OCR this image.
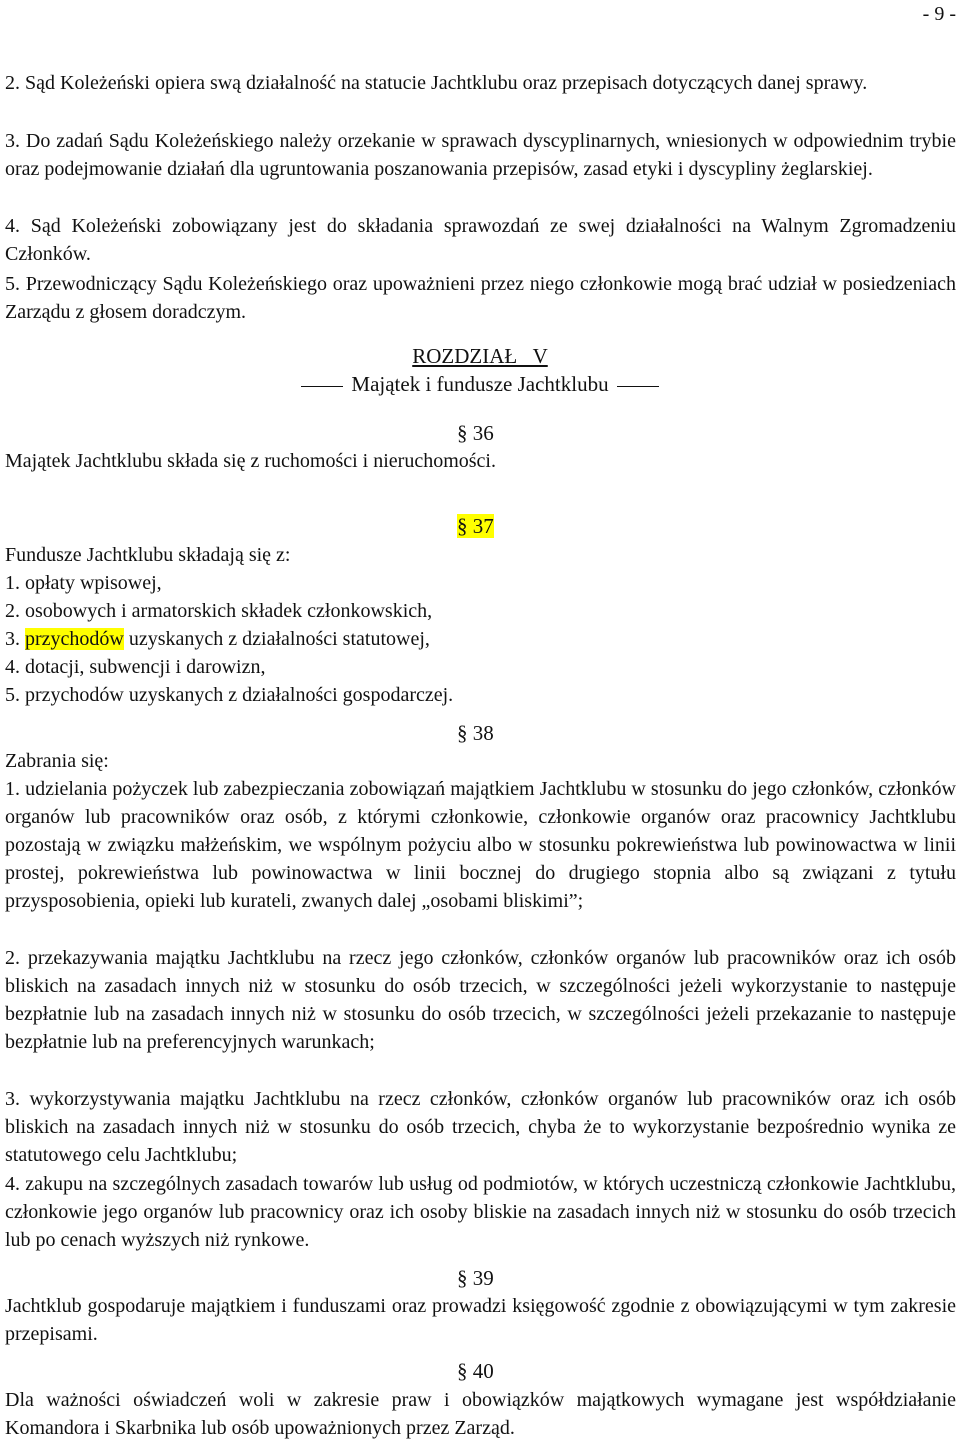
- 9 -

2. Sąd Koleżeński opiera swą działalność na statucie Jachtklubu oraz przepisach dotyczących danej sprawy.

3. Do zadań Sądu Koleżeńskiego należy orzekanie w sprawach dyscyplinarnych, wniesionych w odpowiednim trybie oraz podejmowanie działań dla ugruntowania poszanowania przepisów, zasad etyki i dyscypliny żeglarskiej.

4. Sąd Koleżeński zobowiązany jest do składania sprawozdań ze swej działalności na Walnym Zgromadzeniu Członków.

5. Przewodniczący Sądu Koleżeńskiego oraz upoważnieni przez niego członkowie mogą brać udział w posiedzeniach Zarządu z głosem doradczym.

ROZDZIAŁ   V
Majątek i fundusze Jachtklubu
§ 36

Majątek Jachtklubu składa się z ruchomości i nieruchomości.

§ 37

Fundusze Jachtklubu składają się z:

1. opłaty wpisowej,

2. osobowych i armatorskich składek członkowskich,

3. przychodów uzyskanych z działalności statutowej,

4. dotacji, subwencji i darowizn,

5. przychodów uzyskanych z działalności gospodarczej.

§ 38

Zabrania się:

1. udzielania pożyczek lub zabezpieczania zobowiązań majątkiem Jachtklubu w stosunku do jego członków, członków organów lub pracowników oraz osób, z którymi członkowie, członkowie organów oraz pracownicy Jachtklubu pozostają w związku małżeńskim, we wspólnym pożyciu albo w stosunku pokrewieństwa lub powinowactwa w linii prostej, pokrewieństwa lub powinowactwa w linii bocznej do drugiego stopnia albo są związani z tytułu przysposobienia, opieki lub kurateli, zwanych dalej „osobami bliskimi”;

2. przekazywania majątku Jachtklubu na rzecz jego członków, członków organów lub pracowników oraz ich osób bliskich na zasadach innych niż w stosunku do osób trzecich, w szczególności jeżeli wykorzystanie to następuje bezpłatnie lub na zasadach innych niż w stosunku do osób trzecich, w szczególności jeżeli przekazanie to następuje bezpłatnie lub na preferencyjnych warunkach;

3. wykorzystywania majątku Jachtklubu na rzecz członków, członków organów lub pracowników oraz ich osób bliskich na zasadach innych niż w stosunku do osób trzecich, chyba że to wykorzystanie bezpośrednio wynika ze statutowego celu Jachtklubu;

4. zakupu na szczególnych zasadach towarów lub usług od podmiotów, w których uczestniczą członkowie Jachtklubu, członkowie jego organów lub pracownicy oraz ich osoby bliskie na zasadach innych niż w stosunku do osób trzecich lub po cenach wyższych niż rynkowe.

§ 39

Jachtklub gospodaruje majątkiem i funduszami oraz prowadzi księgowość zgodnie z obowiązującymi w tym zakresie przepisami.

§ 40

Dla ważności oświadczeń woli w zakresie praw i obowiązków majątkowych wymagane jest współdziałanie Komandora i Skarbnika lub osób upoważnionych przez Zarząd.
